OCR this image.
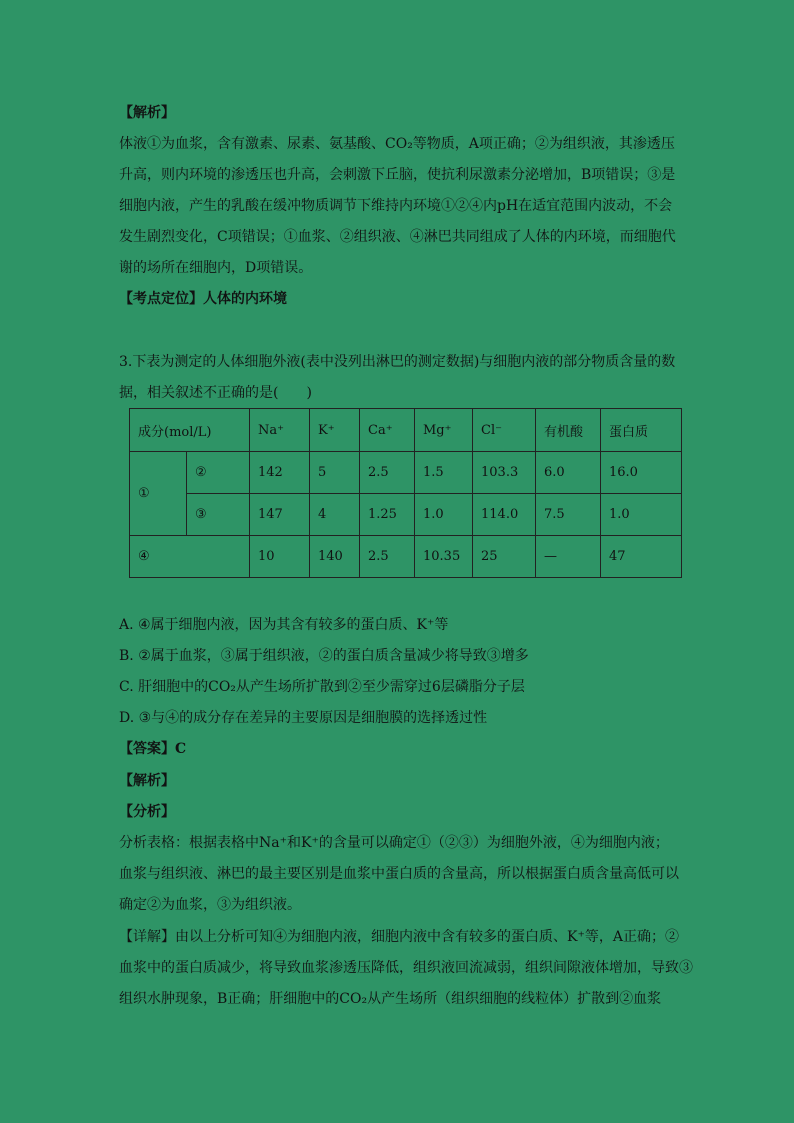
【解析】
体液①为血浆，含有激素、尿素、氨基酸、CO₂等物质，A项正确；②为组织液，其渗透压
升高，则内环境的渗透压也升高，会刺激下丘脑，使抗利尿激素分泌增加，B项错误；③是
细胞内液，产生的乳酸在缓冲物质调节下维持内环境①②④内pH在适宜范围内波动，不会
发生剧烈变化，C项错误；①血浆、②组织液、④淋巴共同组成了人体的内环境，而细胞代
谢的场所在细胞内，D项错误。
【考点定位】人体的内环境
3.下表为测定的人体细胞外液(表中没列出淋巴的测定数据)与细胞内液的部分物质含量的数
据，相关叙述不正确的是(　　)
成分(mol/L)		Na⁺	K⁺	Ca⁺	Mg⁺	Cl⁻	有机酸	蛋白质
①	②	142	5	2.5	1.5	103.3	6.0	16.0
	③	147	4	1.25	1.0	114.0	7.5	1.0
④		10	140	2.5	10.35	25	—	47
A. ④属于细胞内液，因为其含有较多的蛋白质、K⁺等
B. ②属于血浆，③属于组织液，②的蛋白质含量减少将导致③增多
C. 肝细胞中的CO₂从产生场所扩散到②至少需穿过6层磷脂分子层
D. ③与④的成分存在差异的主要原因是细胞膜的选择透过性
【答案】C
【解析】
【分析】
分析表格：根据表格中Na⁺和K⁺的含量可以确定①（②③）为细胞外液，④为细胞内液；
血浆与组织液、淋巴的最主要区别是血浆中蛋白质的含量高，所以根据蛋白质含量高低可以
确定②为血浆，③为组织液。
【详解】由以上分析可知④为细胞内液，细胞内液中含有较多的蛋白质、K⁺等，A正确；②
血浆中的蛋白质减少，将导致血浆渗透压降低，组织液回流减弱，组织间隙液体增加，导致③
组织水肿现象，B正确；肝细胞中的CO₂从产生场所（组织细胞的线粒体）扩散到②血浆
